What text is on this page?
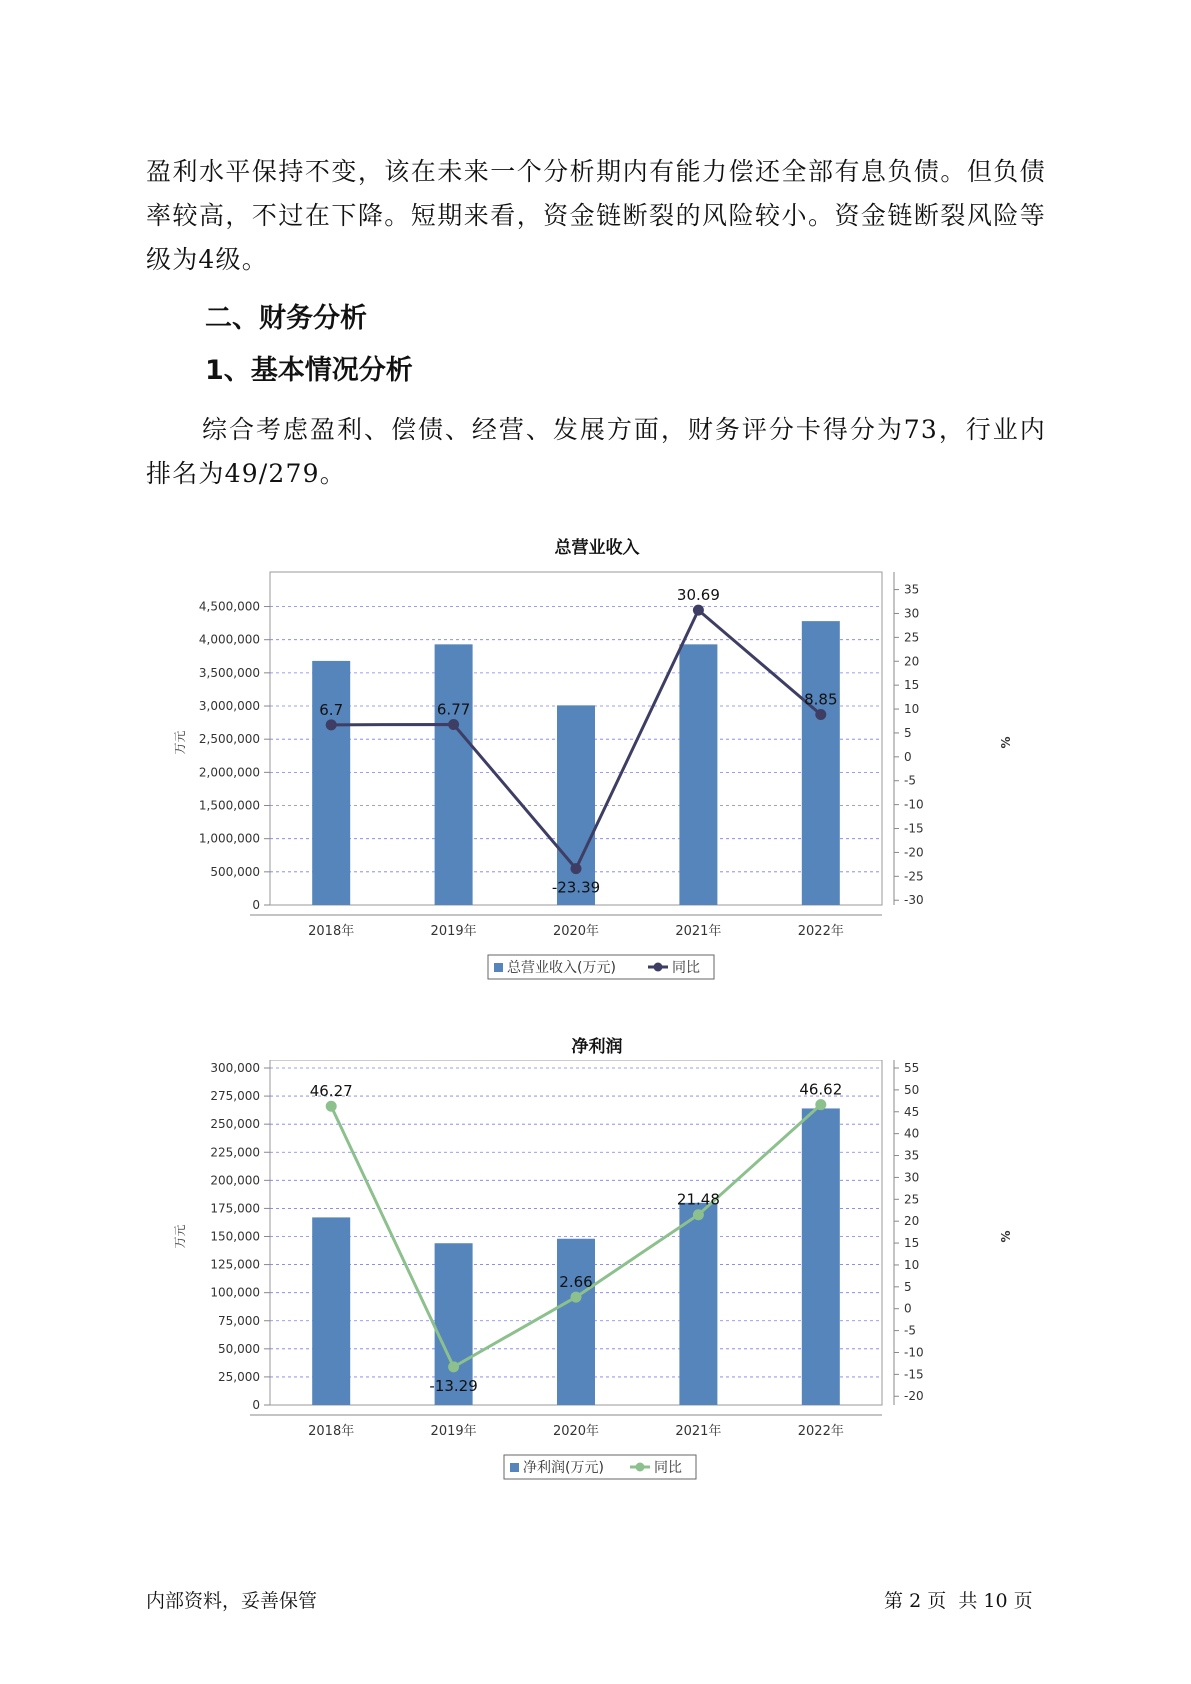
盈利水平保持不变，该在未来一个分析期内有能力偿还全部有息负债。但负债率较高，不过在下降。短期来看，资金链断裂的风险较小。资金链断裂风险等级为4级。

二、财务分析
1、基本情况分析

综合考虑盈利、偿债、经营、发展方面，财务评分卡得分为73，行业内排名为49/279。

总营业收入
0
500,000
1,000,000
1,500,000
2,000,000
2,500,000
3,000,000
3,500,000
4,000,000
4,500,000
35
30
25
20
15
10
5
0
-5
-10
-15
-20
-25
-30
万元	%
2018年	2019年	2020年	2021年	2022年
6.7	6.77
-23.39
30.69
8.85
总营业收入(万元)	同比
净利润
0
25,000
50,000
75,000
100,000
125,000
150,000
175,000
200,000
225,000
250,000
275,000
300,000	55
50
45
40
35
30
25
20
15
10
5
0
-5
-10
-15
-20
万元	%
2018年	2019年	2020年	2021年	2022年
46.27
-13.29
2.66
21.48
46.62
净利润(万元)	同比
内部资料，妥善保管	第 2 页 共 10 页
